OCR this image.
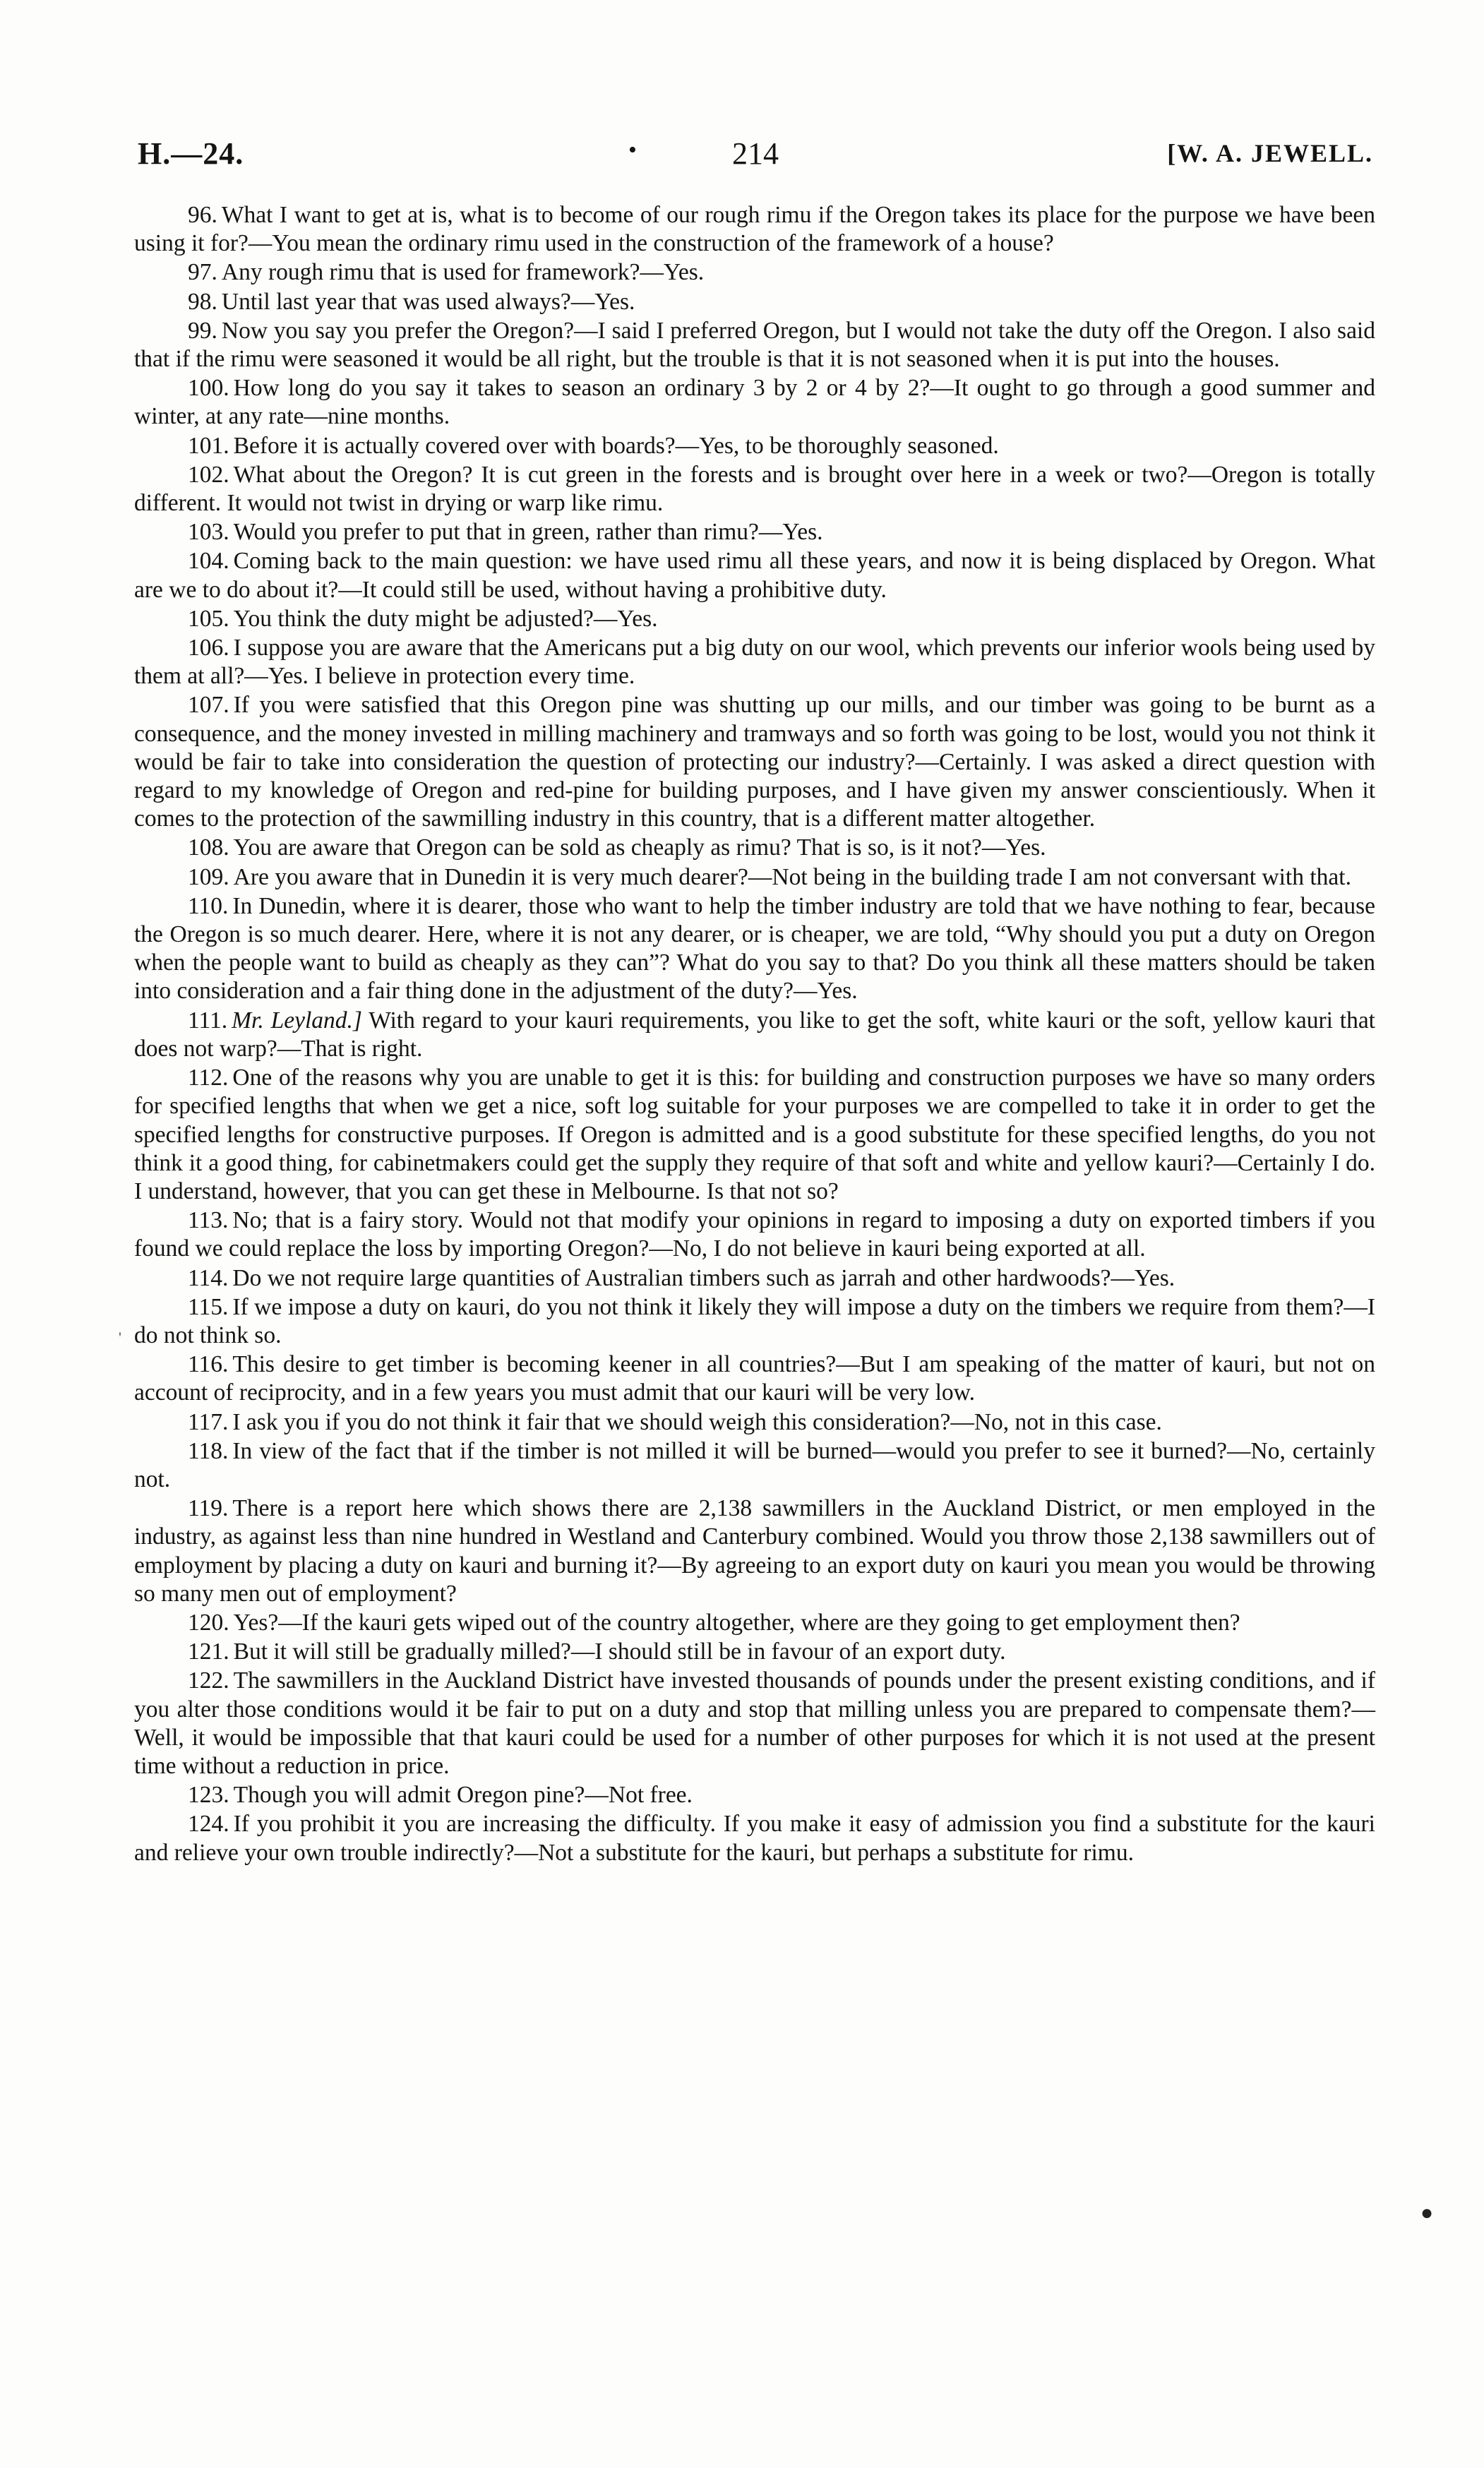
H.—24.	•	214	[W. A. JEWELL.

96. What I want to get at is, what is to become of our rough rimu if the Oregon takes its place for the purpose we have been using it for?—You mean the ordinary rimu used in the construction of the framework of a house?

97. Any rough rimu that is used for framework?—Yes.

98. Until last year that was used always?—Yes.

99. Now you say you prefer the Oregon?—I said I preferred Oregon, but I would not take the duty off the Oregon. I also said that if the rimu were seasoned it would be all right, but the trouble is that it is not seasoned when it is put into the houses.

100. How long do you say it takes to season an ordinary 3 by 2 or 4 by 2?—It ought to go through a good summer and winter, at any rate—nine months.

101. Before it is actually covered over with boards?—Yes, to be thoroughly seasoned.

102. What about the Oregon? It is cut green in the forests and is brought over here in a week or two?—Oregon is totally different. It would not twist in drying or warp like rimu.

103. Would you prefer to put that in green, rather than rimu?—Yes.

104. Coming back to the main question: we have used rimu all these years, and now it is being displaced by Oregon. What are we to do about it?—It could still be used, without having a prohibitive duty.

105. You think the duty might be adjusted?—Yes.

106. I suppose you are aware that the Americans put a big duty on our wool, which prevents our inferior wools being used by them at all?—Yes. I believe in protection every time.

107. If you were satisfied that this Oregon pine was shutting up our mills, and our timber was going to be burnt as a consequence, and the money invested in milling machinery and tramways and so forth was going to be lost, would you not think it would be fair to take into consideration the question of protecting our industry?—Certainly. I was asked a direct question with regard to my knowledge of Oregon and red-pine for building purposes, and I have given my answer conscientiously. When it comes to the protection of the sawmilling industry in this country, that is a different matter altogether.

108. You are aware that Oregon can be sold as cheaply as rimu? That is so, is it not?—Yes.

109. Are you aware that in Dunedin it is very much dearer?—Not being in the building trade I am not conversant with that.

110. In Dunedin, where it is dearer, those who want to help the timber industry are told that we have nothing to fear, because the Oregon is so much dearer. Here, where it is not any dearer, or is cheaper, we are told, “Why should you put a duty on Oregon when the people want to build as cheaply as they can”? What do you say to that? Do you think all these matters should be taken into consideration and a fair thing done in the adjustment of the duty?—Yes.

111. Mr. Leyland.] With regard to your kauri requirements, you like to get the soft, white kauri or the soft, yellow kauri that does not warp?—That is right.

112. One of the reasons why you are unable to get it is this: for building and construction purposes we have so many orders for specified lengths that when we get a nice, soft log suitable for your purposes we are compelled to take it in order to get the specified lengths for constructive purposes. If Oregon is admitted and is a good substitute for these specified lengths, do you not think it a good thing, for cabinetmakers could get the supply they require of that soft and white and yellow kauri?—Certainly I do. I understand, however, that you can get these in Melbourne. Is that not so?

113. No; that is a fairy story. Would not that modify your opinions in regard to imposing a duty on exported timbers if you found we could replace the loss by importing Oregon?—No, I do not believe in kauri being exported at all.

114. Do we not require large quantities of Australian timbers such as jarrah and other hardwoods?—Yes.

115. If we impose a duty on kauri, do you not think it likely they will impose a duty on the timbers we require from them?—I do not think so.

116. This desire to get timber is becoming keener in all countries?—But I am speaking of the matter of kauri, but not on account of reciprocity, and in a few years you must admit that our kauri will be very low.

117. I ask you if you do not think it fair that we should weigh this consideration?—No, not in this case.

118. In view of the fact that if the timber is not milled it will be burned—would you prefer to see it burned?—No, certainly not.

119. There is a report here which shows there are 2,138 sawmillers in the Auckland District, or men employed in the industry, as against less than nine hundred in Westland and Canterbury combined. Would you throw those 2,138 sawmillers out of employment by placing a duty on kauri and burning it?—By agreeing to an export duty on kauri you mean you would be throwing so many men out of employment?

120. Yes?—If the kauri gets wiped out of the country altogether, where are they going to get employment then?

121. But it will still be gradually milled?—I should still be in favour of an export duty.

122. The sawmillers in the Auckland District have invested thousands of pounds under the present existing conditions, and if you alter those conditions would it be fair to put on a duty and stop that milling unless you are prepared to compensate them?—Well, it would be impossible that that kauri could be used for a number of other purposes for which it is not used at the present time without a reduction in price.

123. Though you will admit Oregon pine?—Not free.

124. If you prohibit it you are increasing the difficulty. If you make it easy of admission you find a substitute for the kauri and relieve your own trouble indirectly?—Not a substitute for the kauri, but perhaps a substitute for rimu.

'
●
